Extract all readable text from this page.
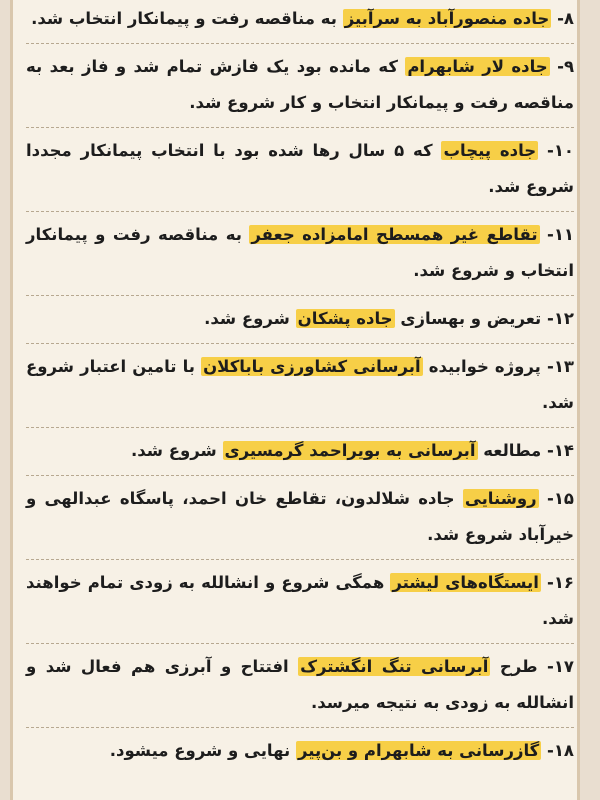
۸- جاده منصورآباد به سرآبیز به مناقصه رفت و پیمانکار انتخاب شد.

۹- جاده لار شابهرام که مانده بود یک فازش تمام شد و فاز بعد به مناقصه رفت و پیمانکار انتخاب و کار شروع شد.

۱۰- جاده پیچاب که ۵ سال رها شده بود با انتخاب پیمانکار مجددا شروع شد.

۱۱- تقاطع غیر همسطح امامزاده جعفر به مناقصه رفت و پیمانکار انتخاب و شروع شد.

۱۲- تعریض و بهسازی جاده پشکان شروع شد.

۱۳- پروژه خوابیده آبرسانی کشاورزی باباکلان با تامین اعتبار شروع شد.

۱۴- مطالعه آبرسانی به بویراحمد گرمسیری شروع شد.

۱۵- روشنایی جاده شلالدون، تقاطع خان احمد، پاسگاه عبدالهی و خیرآباد شروع شد.

۱۶- ایستگاه‌های لیشتر همگی شروع و انشالله به زودی تمام خواهند شد.

۱۷- طرح آبرسانی تنگ انگشترک افتتاح و آبرزی هم فعال شد و انشالله به زودی به نتیجه میرسد.

۱۸- گازرسانی به شابهرام و بن‌پیر نهایی و شروع میشود.
